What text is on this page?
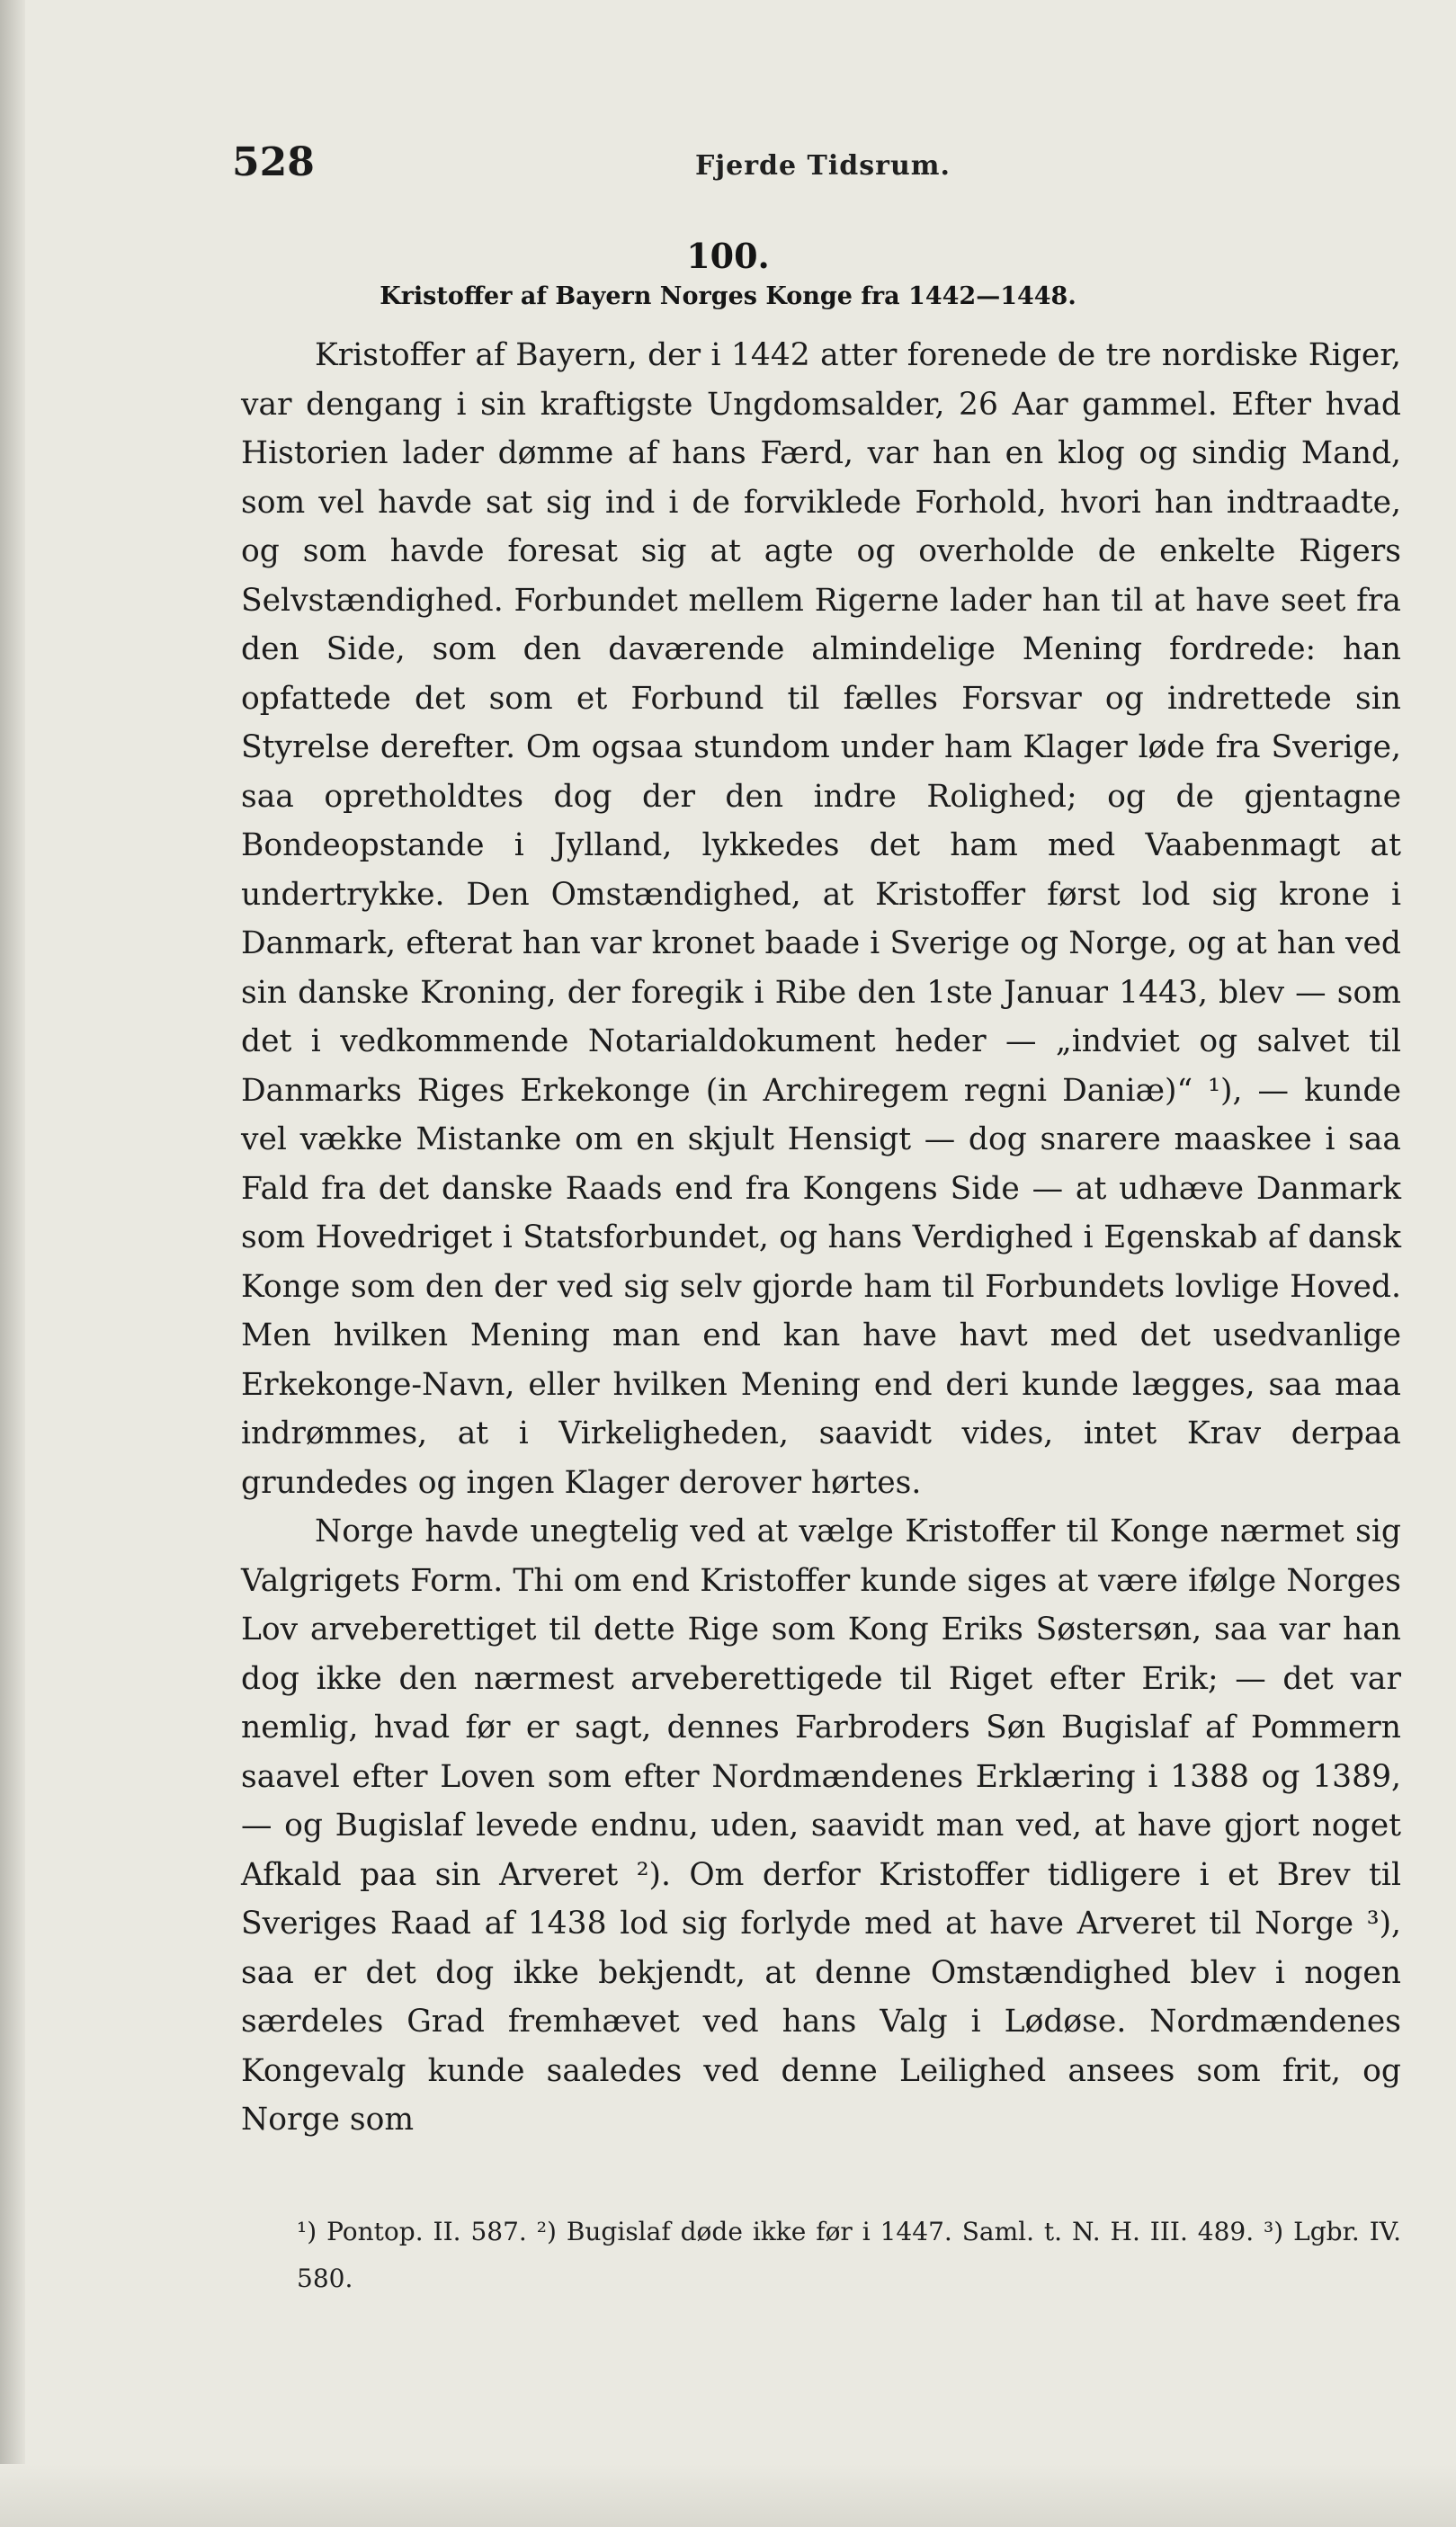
528	Fjerde Tidsrum.
100.
Kristoffer af Bayern Norges Konge fra 1442—1448.

Kristoffer af Bayern, der i 1442 atter forenede de tre nordiske Riger, var dengang i sin kraftigste Ungdomsalder, 26 Aar gammel. Efter hvad Historien lader dømme af hans Færd, var han en klog og sindig Mand, som vel havde sat sig ind i de forviklede Forhold, hvori han indtraadte, og som havde foresat sig at agte og overholde de enkelte Rigers Selvstændighed. Forbundet mellem Rigerne lader han til at have seet fra den Side, som den daværende almindelige Mening fordrede: han opfattede det som et Forbund til fælles Forsvar og indrettede sin Styrelse derefter. Om ogsaa stundom under ham Klager løde fra Sverige, saa opretholdtes dog der den indre Rolighed; og de gjentagne Bondeopstande i Jylland, lykkedes det ham med Vaabenmagt at undertrykke. Den Omstændighed, at Kristoffer først lod sig krone i Danmark, efterat han var kronet baade i Sverige og Norge, og at han ved sin danske Kroning, der foregik i Ribe den 1ste Januar 1443, blev — som det i vedkommende Notarialdokument heder — „indviet og salvet til Danmarks Riges Erkekonge (in Archiregem regni Daniæ)“ ¹), — kunde vel vække Mistanke om en skjult Hensigt — dog snarere maaskee i saa Fald fra det danske Raads end fra Kongens Side — at udhæve Danmark som Hovedriget i Statsforbundet, og hans Verdighed i Egenskab af dansk Konge som den der ved sig selv gjorde ham til Forbundets lovlige Hoved. Men hvilken Mening man end kan have havt med det usedvanlige Erkekonge-Navn, eller hvilken Mening end deri kunde lægges, saa maa indrømmes, at i Virkeligheden, saavidt vides, intet Krav derpaa grundedes og ingen Klager derover hørtes.

Norge havde unegtelig ved at vælge Kristoffer til Konge nærmet sig Valgrigets Form. Thi om end Kristoffer kunde siges at være ifølge Norges Lov arveberettiget til dette Rige som Kong Eriks Søstersøn, saa var han dog ikke den nærmest arveberettigede til Riget efter Erik; — det var nemlig, hvad før er sagt, dennes Farbroders Søn Bugislaf af Pommern saavel efter Loven som efter Nordmændenes Erklæring i 1388 og 1389, — og Bugislaf levede endnu, uden, saavidt man ved, at have gjort noget Afkald paa sin Arveret ²). Om derfor Kristoffer tidligere i et Brev til Sveriges Raad af 1438 lod sig forlyde med at have Arveret til Norge ³), saa er det dog ikke bekjendt, at denne Omstændighed blev i nogen særdeles Grad fremhævet ved hans Valg i Lødøse. Nordmændenes Kongevalg kunde saaledes ved denne Leilighed ansees som frit, og Norge som

¹) Pontop. II. 587. ²) Bugislaf døde ikke før i 1447. Saml. t. N. H. III. 489. ³) Lgbr. IV. 580.
